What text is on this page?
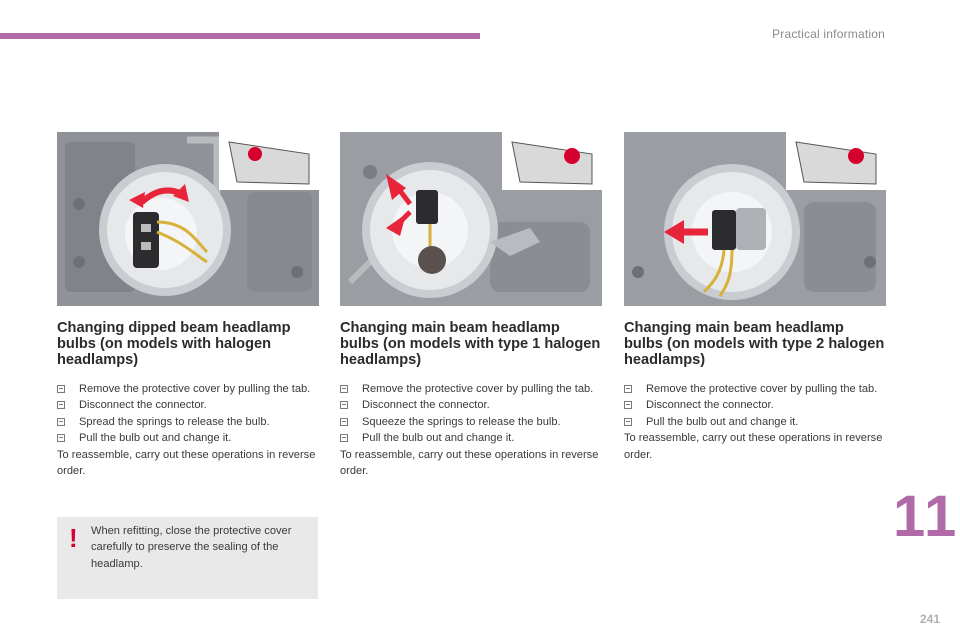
Practical information
Changing dipped beam headlamp bulbs (on models with halogen headlamps)
Remove the protective cover by pulling the tab.
Disconnect the connector.
Spread the springs to release the bulb.
Pull the bulb out and change it.

To reassemble, carry out these operations in reverse order.

Changing main beam headlamp bulbs (on models with type 1 halogen headlamps)
Remove the protective cover by pulling the tab.
Disconnect the connector.
Squeeze the springs to release the bulb.
Pull the bulb out and change it.

To reassemble, carry out these operations in reverse order.

Changing main beam headlamp bulbs (on models with type 2 halogen headlamps)
Remove the protective cover by pulling the tab.
Disconnect the connector.
Pull the bulb out and change it.

To reassemble, carry out these operations in reverse order.

! When refitting, close the protective cover carefully to preserve the sealing of the headlamp.

11
241
